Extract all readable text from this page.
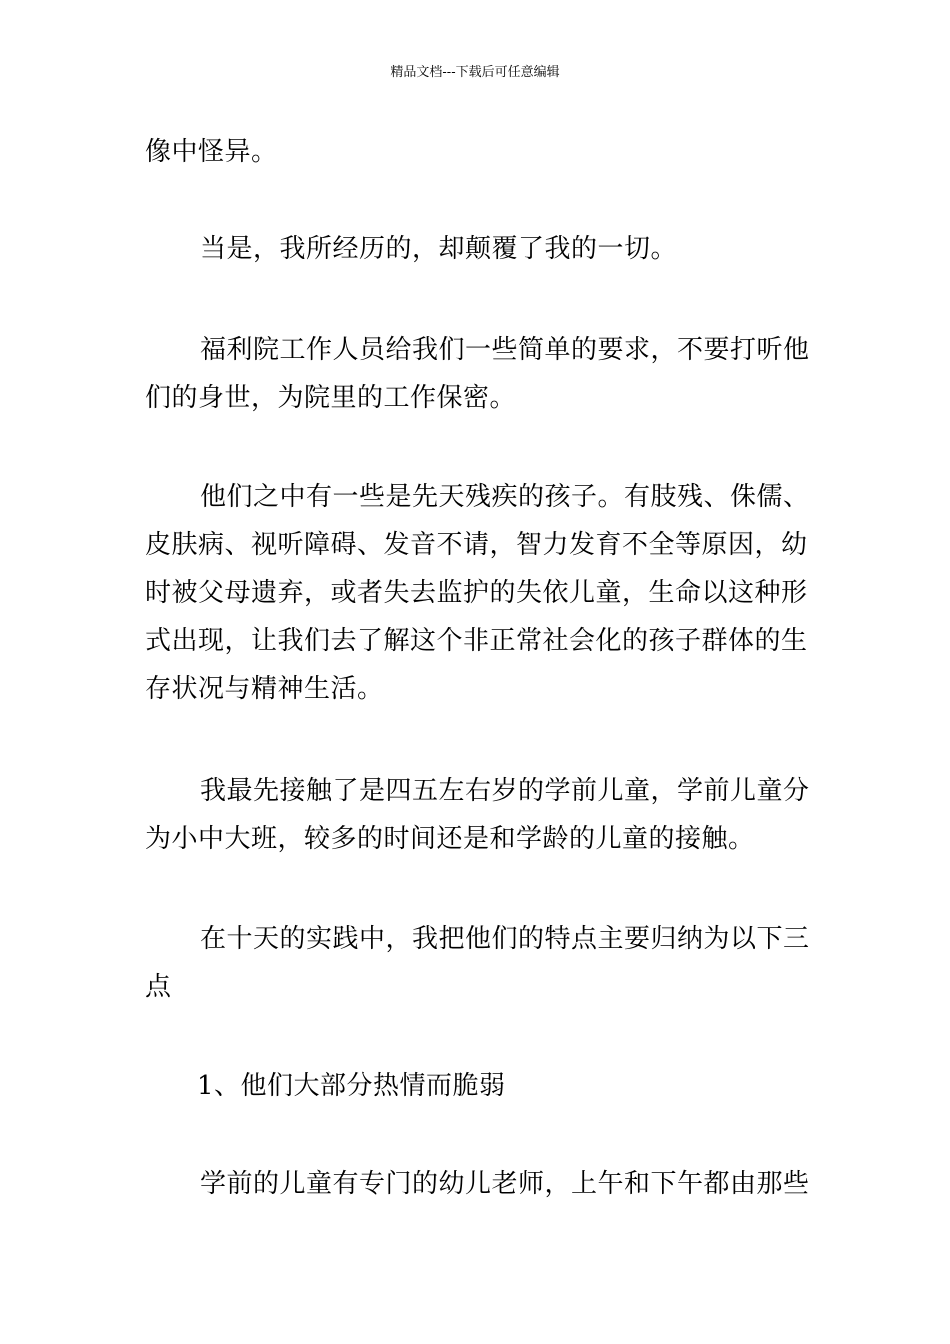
精品文档---下载后可任意编辑
像中怪异。
当是，我所经历的，却颠覆了我的一切。
福利院工作人员给我们一些简单的要求，不要打听他
们的身世，为院里的工作保密。
他们之中有一些是先天残疾的孩子。有肢残、侏儒、
皮肤病、视听障碍、发音不请，智力发育不全等原因，幼
时被父母遗弃，或者失去监护的失依儿童，生命以这种形
式出现，让我们去了解这个非正常社会化的孩子群体的生
存状况与精神生活。
我最先接触了是四五左右岁的学前儿童，学前儿童分
为小中大班，较多的时间还是和学龄的儿童的接触。
在十天的实践中，我把他们的特点主要归纳为以下三
点
1、他们大部分热情而脆弱
学前的儿童有专门的幼儿老师，上午和下午都由那些
